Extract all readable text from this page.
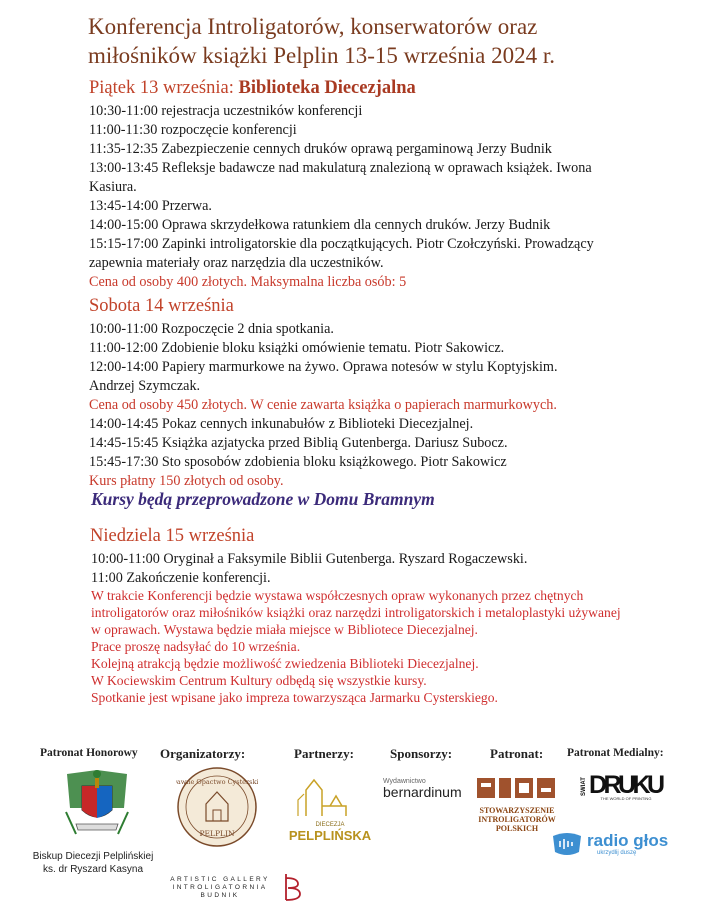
Konferencja Introligatorów, konserwatorów oraz
miłośników książki Pelplin 13-15 września 2024 r.
Piątek 13 września: Biblioteka Diecezjalna
10:30-11:00 rejestracja uczestników konferencji
11:00-11:30 rozpoczęcie konferencji
11:35-12:35 Zabezpieczenie cennych druków oprawą pergaminową Jerzy Budnik
13:00-13:45 Refleksje badawcze nad makulaturą znalezioną w oprawach książek. Iwona
Kasiura.
13:45-14:00 Przerwa.
14:00-15:00 Oprawa skrzydełkowa ratunkiem dla cennych druków. Jerzy Budnik
15:15-17:00 Zapinki introligatorskie dla początkujących. Piotr Czołczyński. Prowadzący
zapewnia materiały oraz narzędzia dla uczestników.
Cena od osoby 400 złotych. Maksymalna liczba osób: 5
Sobota 14 września
10:00-11:00 Rozpoczęcie 2 dnia spotkania.
11:00-12:00 Zdobienie bloku książki omówienie tematu. Piotr Sakowicz.
12:00-14:00 Papiery marmurkowe na żywo. Oprawa notesów w stylu Koptyjskim.
Andrzej Szymczak.
Cena od osoby 450 złotych. W cenie zawarta książka o papierach marmurkowych.
14:00-14:45 Pokaz cennych inkunabułów z Biblioteki Diecezjalnej.
14:45-15:45 Książka azjatycka przed Biblią Gutenberga. Dariusz Subocz.
15:45-17:30 Sto sposobów zdobienia bloku książkowego. Piotr Sakowicz
Kurs płatny 150 złotych od osoby.
Kursy będą przeprowadzone w Domu Bramnym
Niedziela 15 września
10:00-11:00 Oryginał a Faksymile Biblii Gutenberga. Ryszard Rogaczewski.
11:00 Zakończenie konferencji.
W trakcie Konferencji będzie wystawa współczesnych opraw wykonanych przez chętnych
introligatorów oraz miłośników książki oraz narzędzi introligatorskich i metaloplastyki używanej
w oprawach. Wystawa będzie miała miejsce w Bibliotece Diecezjalnej.
Prace proszę nadsyłać do 10 września.
Kolejną atrakcją będzie możliwość zwiedzenia Biblioteki Diecezjalnej.
W Kociewskim Centrum Kultury odbędą się wszystkie kursy.
Spotkanie jest wpisane jako impreza towarzysząca Jarmarku Cysterskiego.
Patronat Honorowy Organizatorzy:	Partnerzy:	Sponsorzy:	Patronat: Patronat Medialny:
Biskup Diecezji Pelplińskiej
ks. dr Ryszard Kasyna
Dawne Opactwo Cysterskie
PELPLIN
DIECEZJA
PELPLIŃSKA
Wydawnictwo
bernardinum
STOWARZYSZENIE
INTROLIGATORÓW
POLSKICH
ŚWIAT DRUKU
THE WORLD OF PRINTING
radio głos
ukrzydlij duszę
ARTISTIC GALLERY
INTROLIGATORNIA
BUDNIK
